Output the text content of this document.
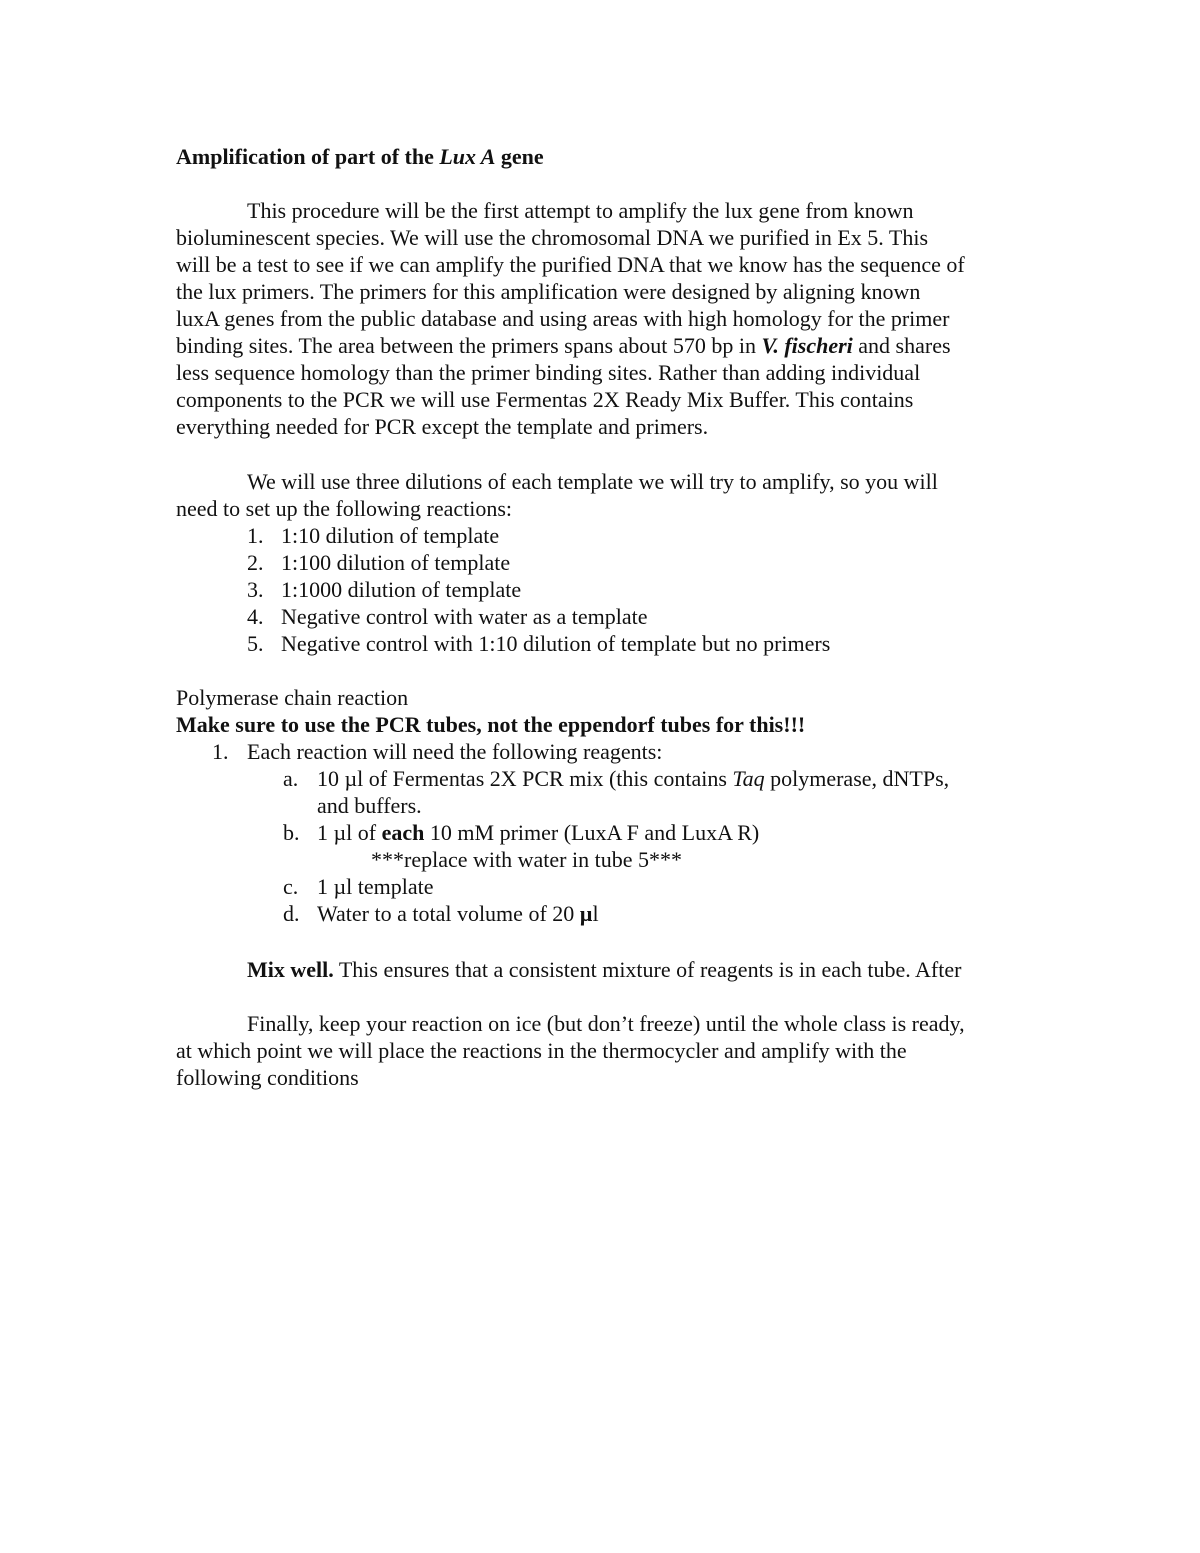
Amplification of part of the Lux A gene
This procedure will be the first attempt to amplify the lux gene from known
bioluminescent species. We will use the chromosomal DNA we purified in Ex 5. This
will be a test to see if we can amplify the purified DNA that we know has the sequence of
the lux primers. The primers for this amplification were designed by aligning known
luxA genes from the public database and using areas with high homology for the primer
binding sites. The area between the primers spans about 570 bp in V. fischeri and shares
less sequence homology than the primer binding sites. Rather than adding individual
components to the PCR we will use Fermentas 2X Ready Mix Buffer. This contains
everything needed for PCR except the template and primers.
We will use three dilutions of each template we will try to amplify, so you will
need to set up the following reactions:
1. 1:10 dilution of template
2. 1:100 dilution of template
3. 1:1000 dilution of template
4. Negative control with water as a template
5. Negative control with 1:10 dilution of template but no primers
Polymerase chain reaction
Make sure to use the PCR tubes, not the eppendorf tubes for this!!!
1. Each reaction will need the following reagents:
a. 10 µl of Fermentas 2X PCR mix (this contains Taq polymerase, dNTPs,
and buffers.
b. 1 µl of each 10 mM primer (LuxA F and LuxA R)
***replace with water in tube 5***
c. 1 µl template
d. Water to a total volume of 20 µl
Mix well. This ensures that a consistent mixture of reagents is in each tube. After
Finally, keep your reaction on ice (but don’t freeze) until the whole class is ready,
at which point we will place the reactions in the thermocycler and amplify with the
following conditions
